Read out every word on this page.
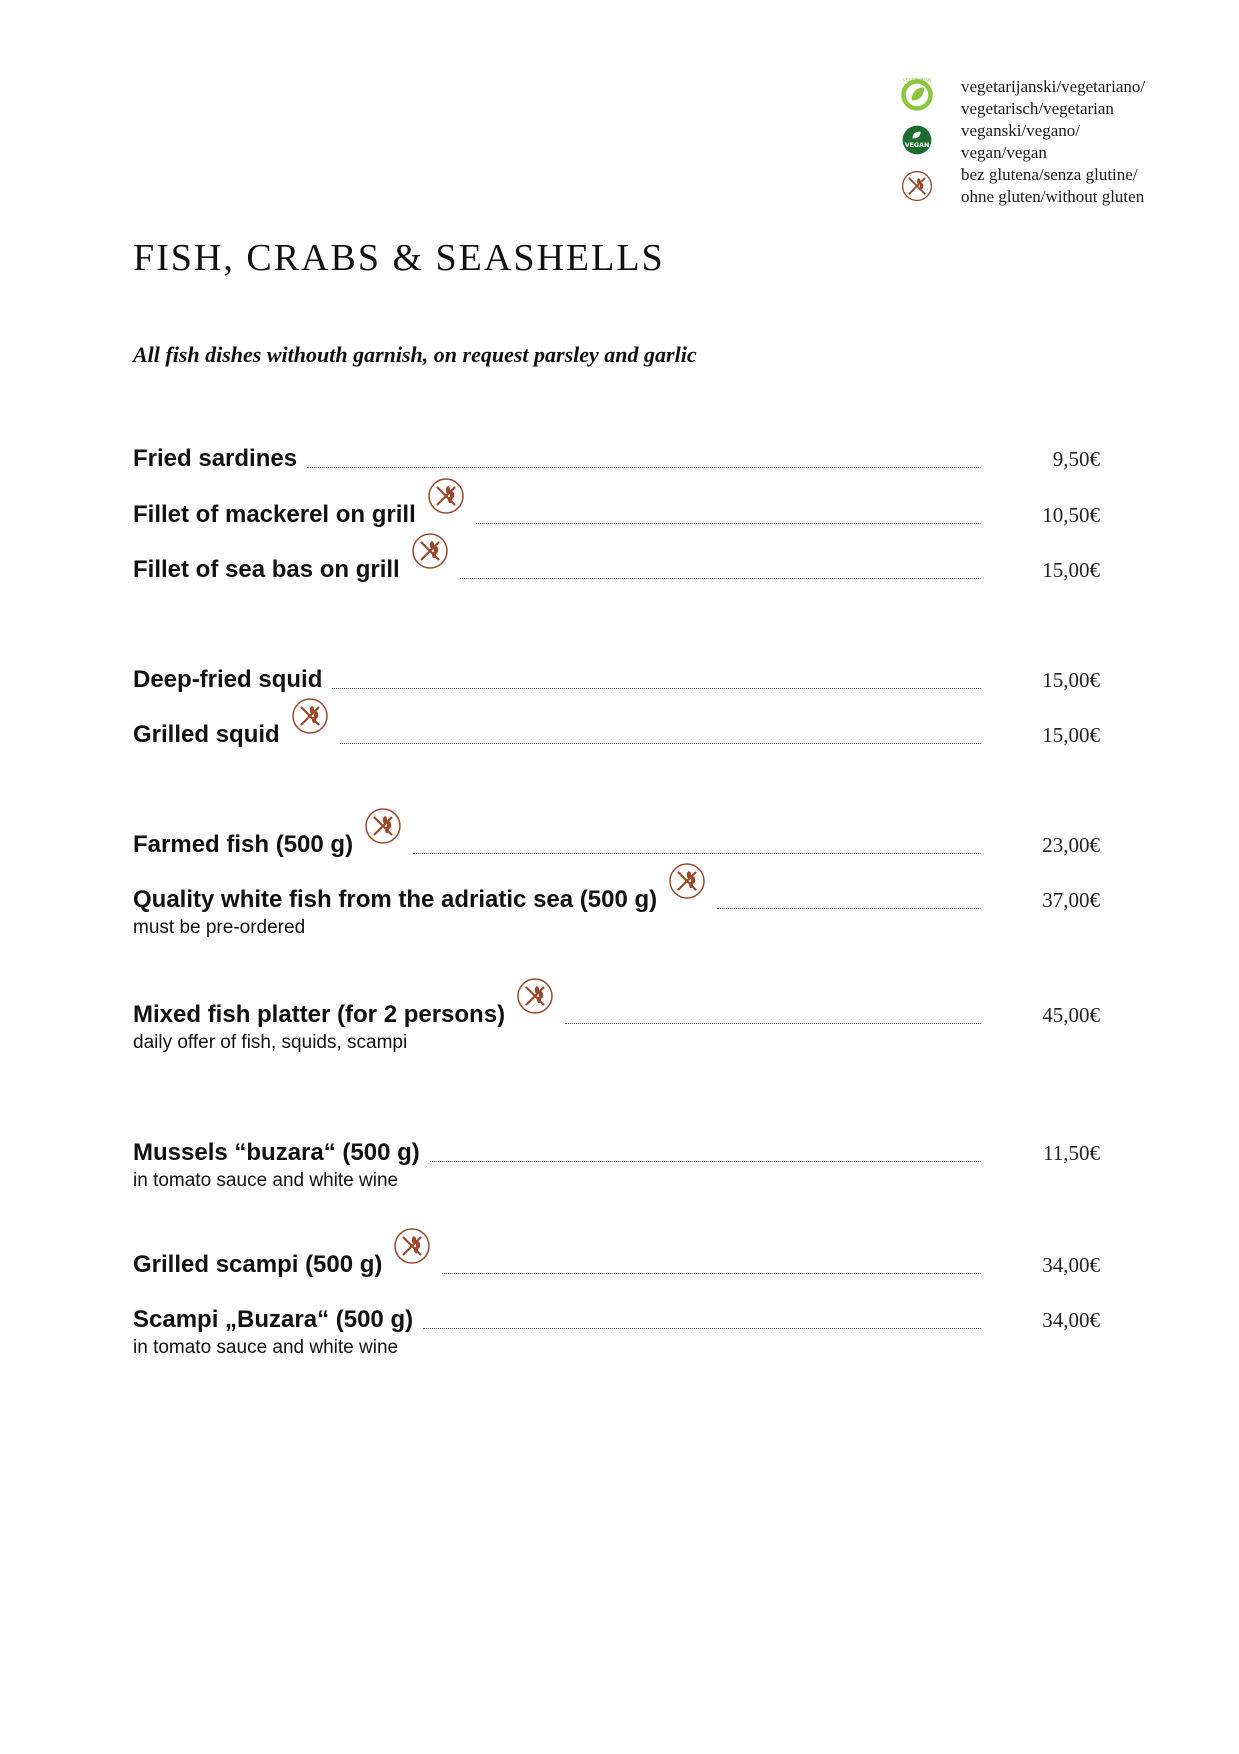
VEGETARIAN vegetarijanski/vegetariano/
vegetarisch/vegetarian
VEGAN
veganski/vegano/
vegan/vegan
bez glutena/senza glutine/
ohne gluten/without gluten
FISH, CRABS & SEASHELLS
All fish dishes withouth garnish, on request parsley and garlic
Fried sardines	9,50€
Fillet of mackerel on grill	10,50€
Fillet of sea bas on grill	15,00€
Deep-fried squid	15,00€
Grilled squid	15,00€
Farmed fish (500 g)	23,00€
Quality white fish from the adriatic sea (500 g)	37,00€
must be pre-ordered
Mixed fish platter (for 2 persons)	45,00€
daily offer of fish, squids, scampi
Mussels “buzara“ (500 g)	11,50€
in tomato sauce and white wine
Grilled scampi (500 g)	34,00€
Scampi „Buzara“ (500 g)	34,00€
in tomato sauce and white wine
